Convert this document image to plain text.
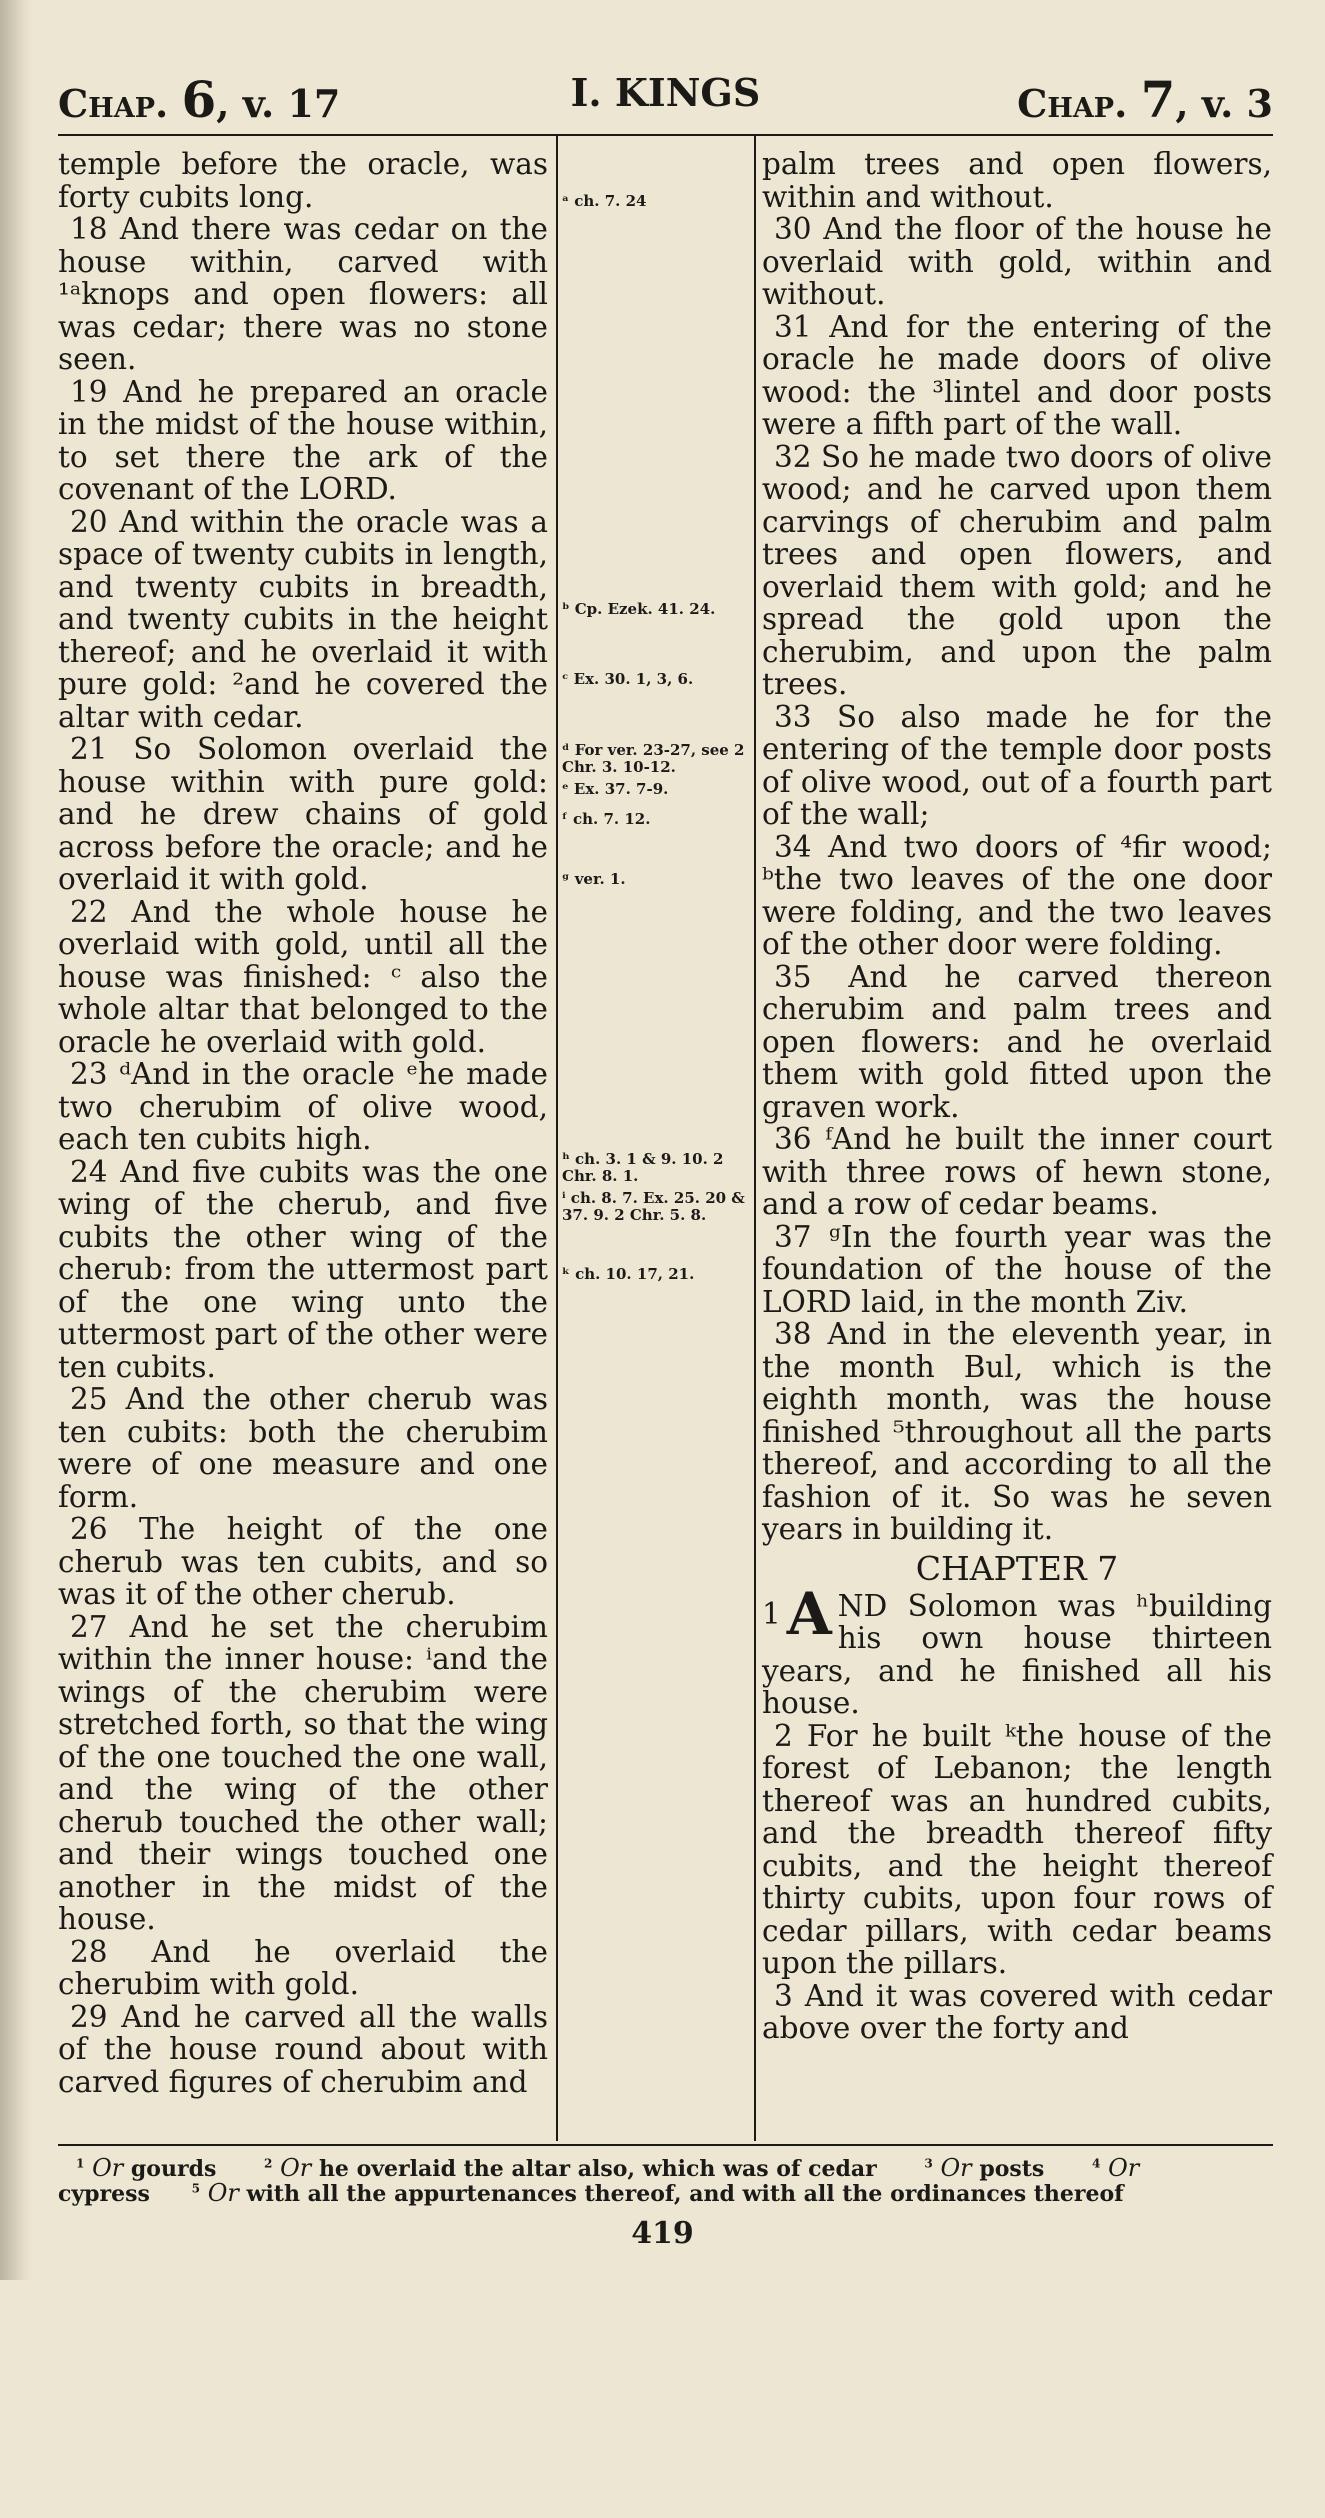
Chap. 6, v. 17	I. KINGS	Chap. 7, v. 3

temple before the oracle, was forty cubits long.

18 And there was cedar on the house within, carved with ¹ᵃknops and open flowers: all was cedar; there was no stone seen.

19 And he prepared an oracle in the midst of the house within, to set there the ark of the covenant of the LORD.

20 And within the oracle was a space of twenty cubits in length, and twenty cubits in breadth, and twenty cubits in the height thereof; and he overlaid it with pure gold: ²and he covered the altar with cedar.

21 So Solomon overlaid the house within with pure gold: and he drew chains of gold across before the oracle; and he overlaid it with gold.

22 And the whole house he overlaid with gold, until all the house was finished: ᶜ also the whole altar that belonged to the oracle he overlaid with gold.

23 ᵈAnd in the oracle ᵉhe made two cherubim of olive wood, each ten cubits high.

24 And five cubits was the one wing of the cherub, and five cubits the other wing of the cherub: from the uttermost part of the one wing unto the uttermost part of the other were ten cubits.

25 And the other cherub was ten cubits: both the cherubim were of one measure and one form.

26 The height of the one cherub was ten cubits, and so was it of the other cherub.

27 And he set the cherubim within the inner house: ⁱand the wings of the cherubim were stretched forth, so that the wing of the one touched the one wall, and the wing of the other cherub touched the other wall; and their wings touched one another in the midst of the house.

28 And he overlaid the cherubim with gold.

29 And he carved all the walls of the house round about with carved figures of cherubim and

ᵃ ch. 7. 24
ᵇ Cp. Ezek. 41. 24.
ᶜ Ex. 30. 1, 3, 6.
ᵈ For ver. 23-27, see 2 Chr. 3. 10-12.
ᵉ Ex. 37. 7-9.
ᶠ ch. 7. 12.
ᵍ ver. 1.
ʰ ch. 3. 1 & 9. 10. 2 Chr. 8. 1.
ⁱ ch. 8. 7. Ex. 25. 20 & 37. 9. 2 Chr. 5. 8.
ᵏ ch. 10. 17, 21.

palm trees and open flowers, within and without.

30 And the floor of the house he overlaid with gold, within and without.

31 And for the entering of the oracle he made doors of olive wood: the ³lintel and door posts were a fifth part of the wall.

32 So he made two doors of olive wood; and he carved upon them carvings of cherubim and palm trees and open flowers, and overlaid them with gold; and he spread the gold upon the cherubim, and upon the palm trees.

33 So also made he for the entering of the temple door posts of olive wood, out of a fourth part of the wall;

34 And two doors of ⁴fir wood; ᵇthe two leaves of the one door were folding, and the two leaves of the other door were folding.

35 And he carved thereon cherubim and palm trees and open flowers: and he overlaid them with gold fitted upon the graven work.

36 ᶠAnd he built the inner court with three rows of hewn stone, and a row of cedar beams.

37 ᵍIn the fourth year was the foundation of the house of the LORD laid, in the month Ziv.

38 And in the eleventh year, in the month Bul, which is the eighth month, was the house finished ⁵throughout all the parts thereof, and according to all the fashion of it. So was he seven years in building it.

CHAPTER 7

1 A ND Solomon was ʰbuilding his own house thirteen years, and he finished all his house.

2 For he built ᵏthe house of the forest of Lebanon; the length thereof was an hundred cubits, and the breadth thereof fifty cubits, and the height thereof thirty cubits, upon four rows of cedar pillars, with cedar beams upon the pillars.

3 And it was covered with cedar above over the forty and

$^1$ Or gourds	$^2$ Or he overlaid the altar also, which was of cedar	$^3$ Or posts	$^4$ Or
cypress	$^5$ Or with all the appurtenances thereof, and with all the ordinances thereof
419
